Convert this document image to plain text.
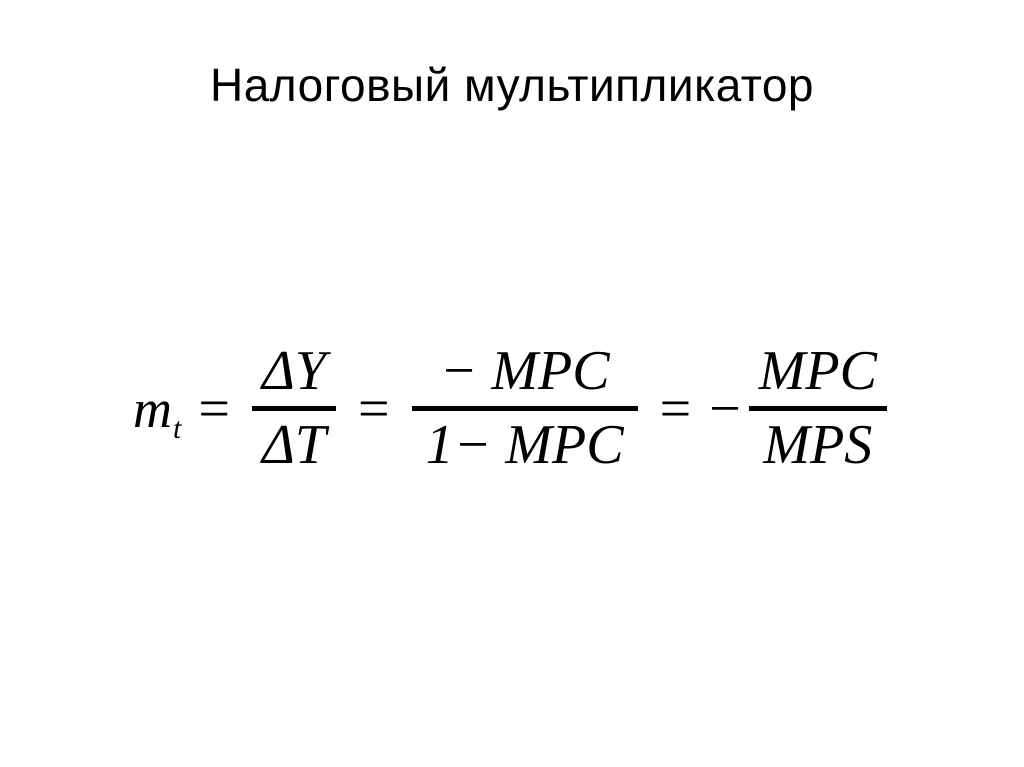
Налоговый мультипликатор
m t =
ΔY
ΔT
=
− MPC
1− MPC
= −
MPC
MPS
